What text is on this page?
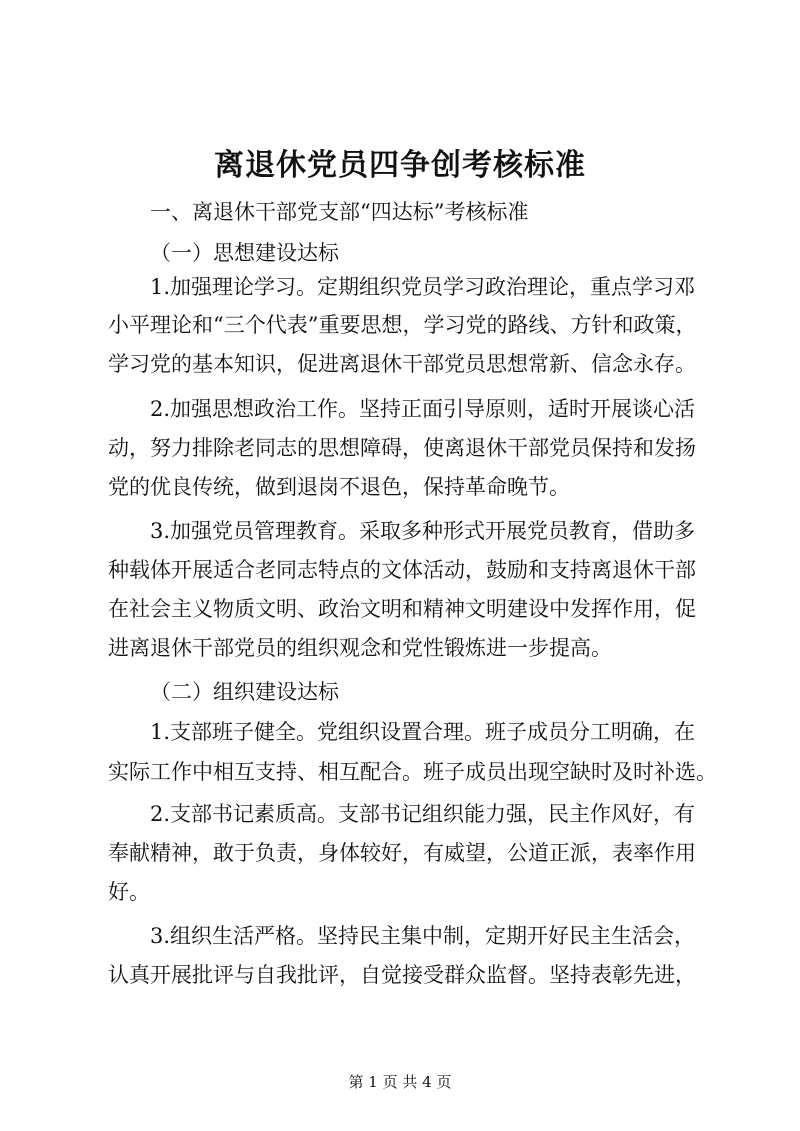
离退休党员四争创考核标准
一、离退休干部党支部“四达标”考核标准
（一）思想建设达标
1.加强理论学习。定期组织党员学习政治理论，重点学习邓
小平理论和“三个代表”重要思想，学习党的路线、方针和政策，
学习党的基本知识，促进离退休干部党员思想常新、信念永存。
2.加强思想政治工作。坚持正面引导原则，适时开展谈心活
动，努力排除老同志的思想障碍，使离退休干部党员保持和发扬
党的优良传统，做到退岗不退色，保持革命晚节。
3.加强党员管理教育。采取多种形式开展党员教育，借助多
种载体开展适合老同志特点的文体活动，鼓励和支持离退休干部
在社会主义物质文明、政治文明和精神文明建设中发挥作用，促
进离退休干部党员的组织观念和党性锻炼进一步提高。
（二）组织建设达标
1.支部班子健全。党组织设置合理。班子成员分工明确，在
实际工作中相互支持、相互配合。班子成员出现空缺时及时补选。
2.支部书记素质高。支部书记组织能力强，民主作风好，有
奉献精神，敢于负责，身体较好，有威望，公道正派，表率作用
好。
3.组织生活严格。坚持民主集中制，定期开好民主生活会，
认真开展批评与自我批评，自觉接受群众监督。坚持表彰先进，
第 1 页 共 4 页
